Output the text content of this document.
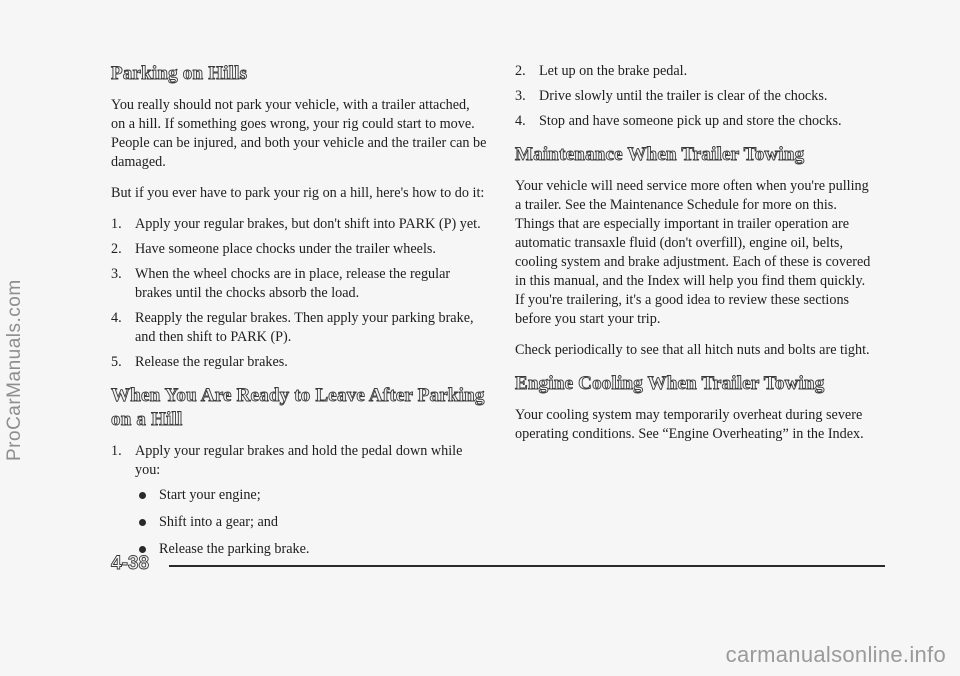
ProCarManuals.com
Parking on Hills

You really should not park your vehicle, with a trailer attached, on a hill. If something goes wrong, your rig could start to move. People can be injured, and both your vehicle and the trailer can be damaged.

But if you ever have to park your rig on a hill, here's how to do it:

1. Apply your regular brakes, but don't shift into PARK (P) yet.
2. Have someone place chocks under the trailer wheels.
3. When the wheel chocks are in place, release the regular brakes until the chocks absorb the load.
4. Reapply the regular brakes. Then apply your parking brake, and then shift to PARK (P).
5. Release the regular brakes.
When You Are Ready to Leave After Parking on a Hill
1. Apply your regular brakes and hold the pedal down while you:
Start your engine;
Shift into a gear; and
Release the parking brake.
2. Let up on the brake pedal.
3. Drive slowly until the trailer is clear of the chocks.
4. Stop and have someone pick up and store the chocks.
Maintenance When Trailer Towing

Your vehicle will need service more often when you're pulling a trailer. See the Maintenance Schedule for more on this. Things that are especially important in trailer operation are automatic transaxle fluid (don't overfill), engine oil, belts, cooling system and brake adjustment. Each of these is covered in this manual, and the Index will help you find them quickly. If you're trailering, it's a good idea to review these sections before you start your trip.

Check periodically to see that all hitch nuts and bolts are tight.

Engine Cooling When Trailer Towing

Your cooling system may temporarily overheat during severe operating conditions. See “Engine Overheating” in the Index.

4-38
carmanualsonline.info
